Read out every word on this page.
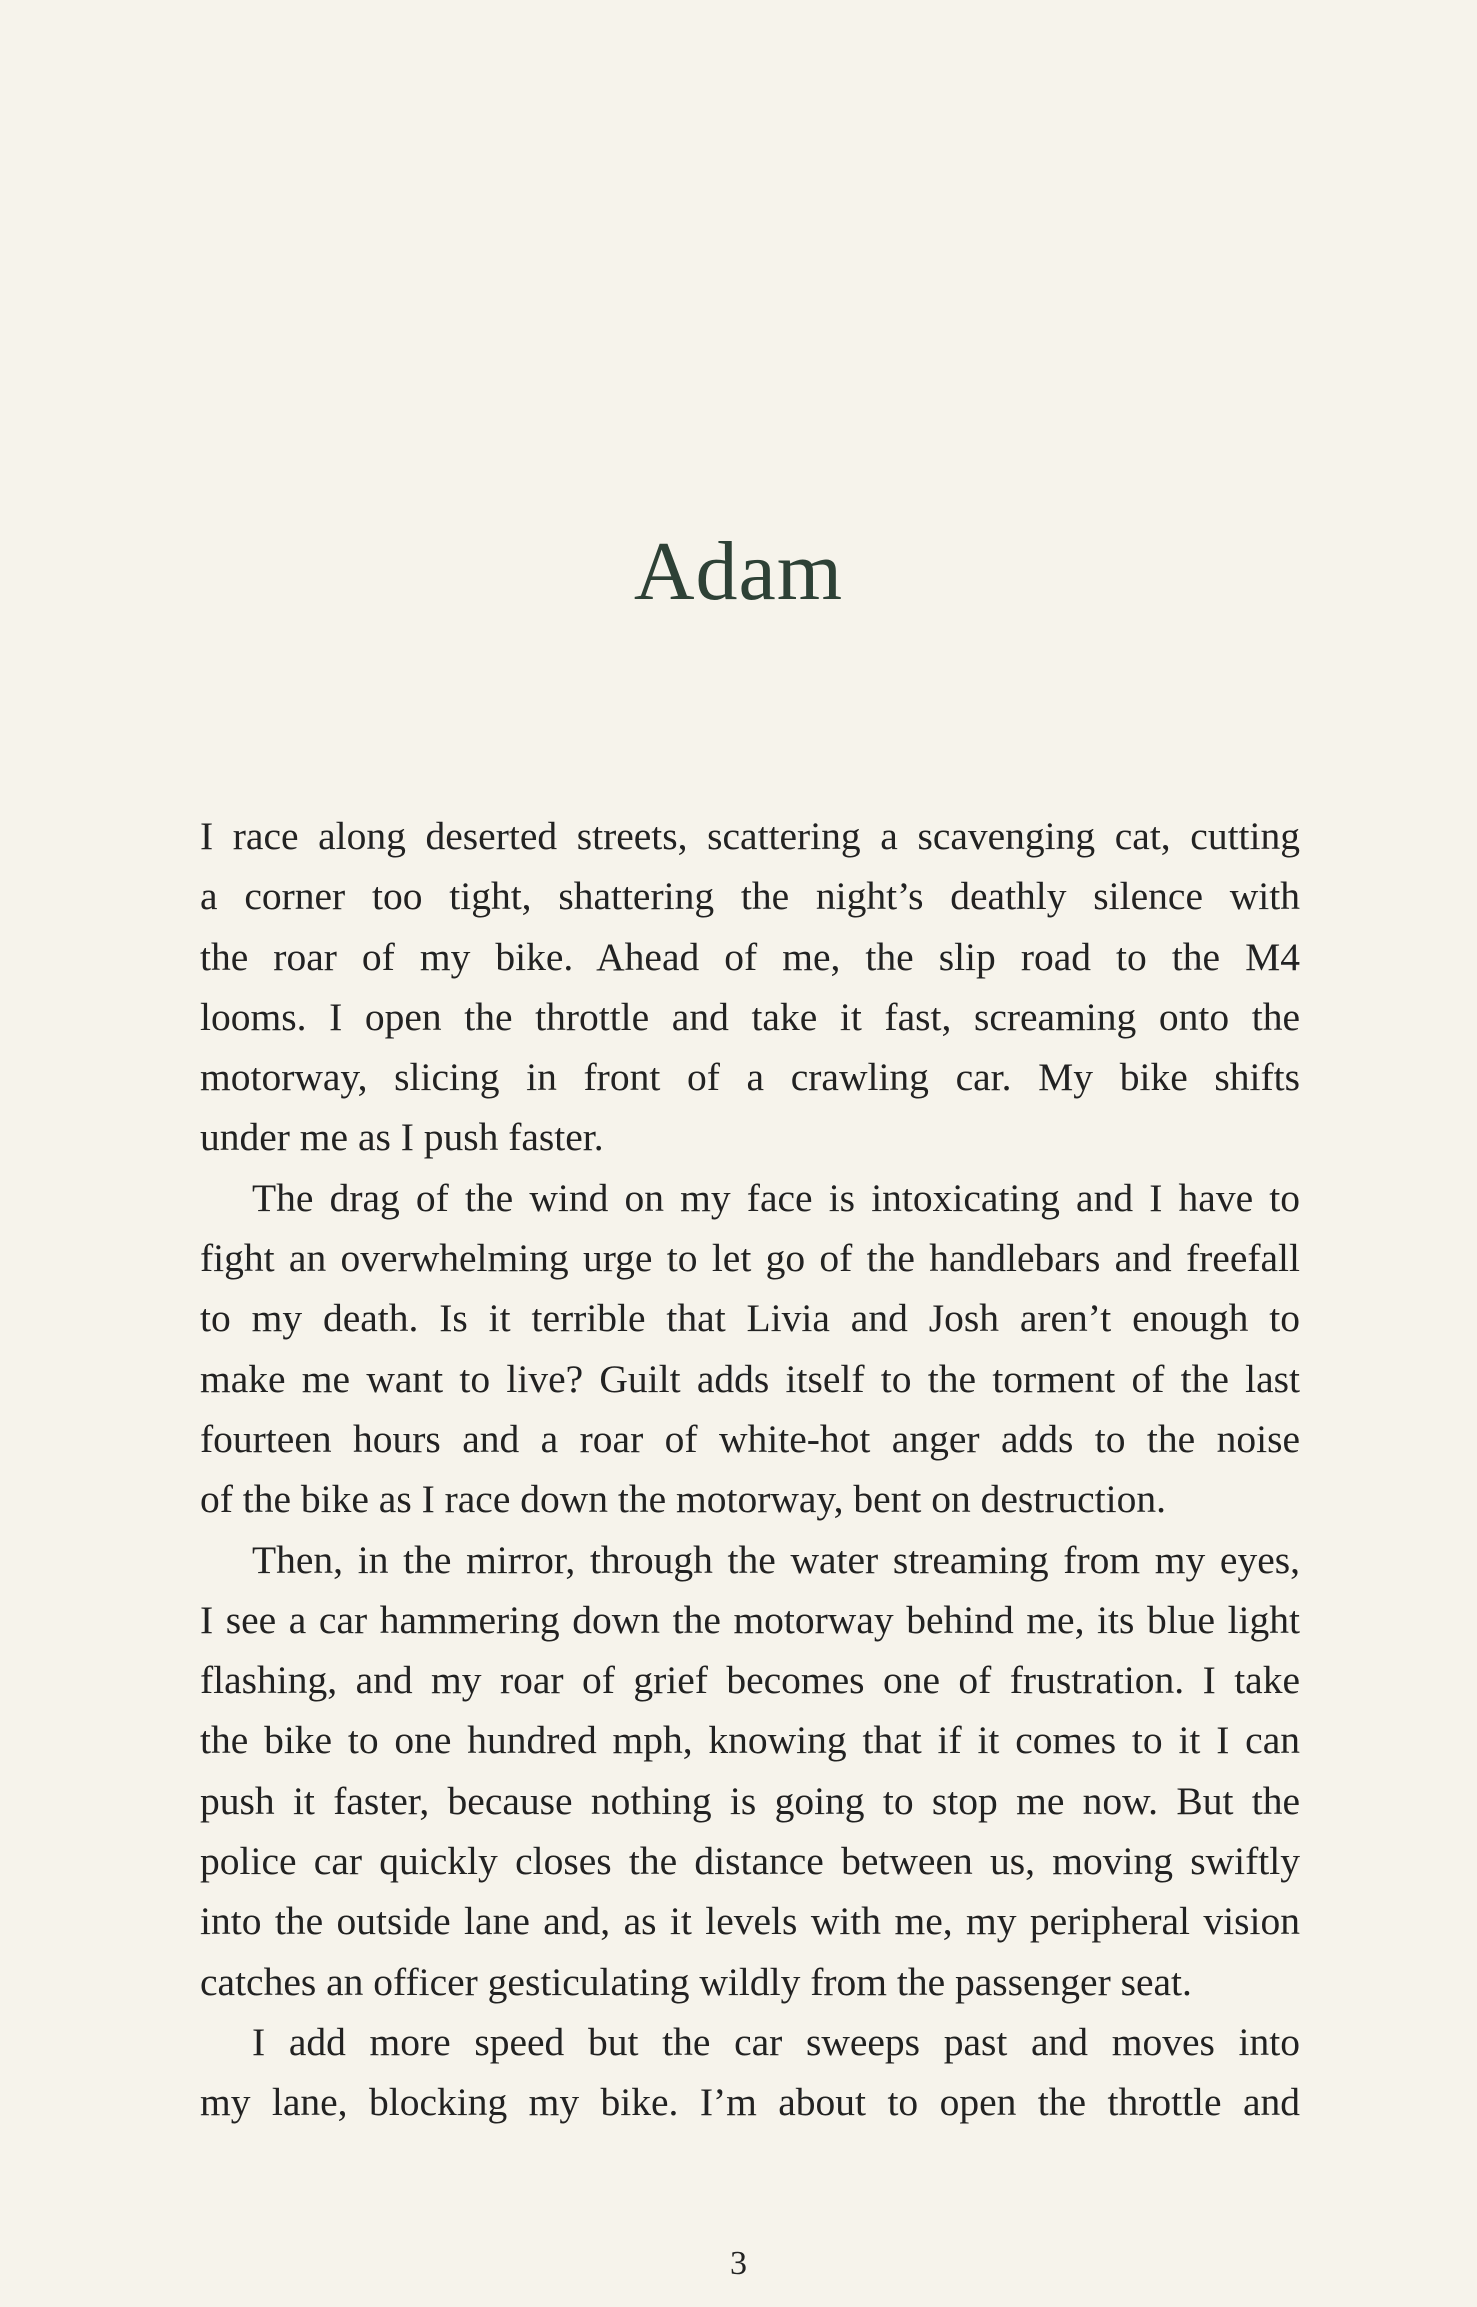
Adam

I race along deserted streets, scattering a scavenging cat, cutting
a corner too tight, shattering the night’s deathly silence with
the roar of my bike. Ahead of me, the slip road to the M4
looms. I open the throttle and take it fast, screaming onto the
motorway, slicing in front of a crawling car. My bike shifts
under me as I push faster.

The drag of the wind on my face is intoxicating and I have to
fight an overwhelming urge to let go of the handlebars and freefall
to my death. Is it terrible that Livia and Josh aren’t enough to
make me want to live? Guilt adds itself to the torment of the last
fourteen hours and a roar of white-hot anger adds to the noise
of the bike as I race down the motorway, bent on destruction.

Then, in the mirror, through the water streaming from my eyes,
I see a car hammering down the motorway behind me, its blue light
flashing, and my roar of grief becomes one of frustration. I take
the bike to one hundred mph, knowing that if it comes to it I can
push it faster, because nothing is going to stop me now. But the
police car quickly closes the distance between us, moving swiftly
into the outside lane and, as it levels with me, my peripheral vision
catches an officer gesticulating wildly from the passenger seat.

I add more speed but the car sweeps past and moves into
my lane, blocking my bike. I’m about to open the throttle and

3
